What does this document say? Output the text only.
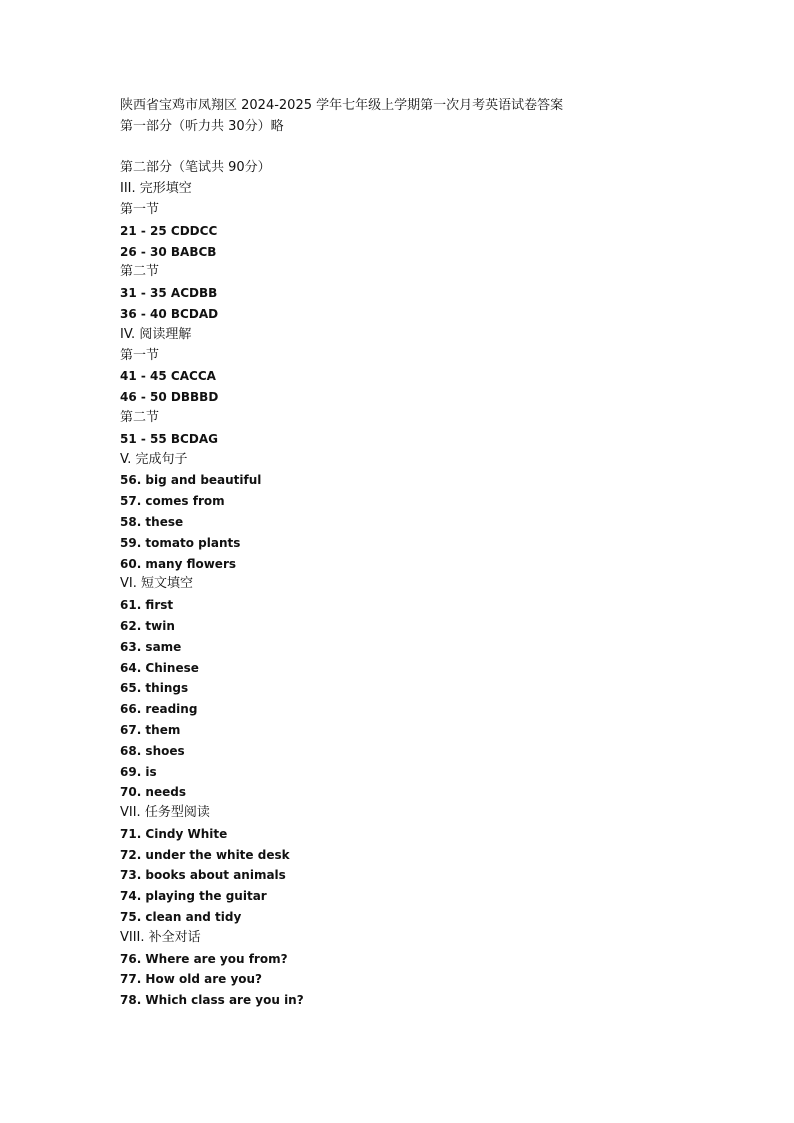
陕西省宝鸡市凤翔区 2024-2025 学年七年级上学期第一次月考英语试卷答案
第一部分（听力共 30分）略
第二部分（笔试共 90分）
III. 完形填空
第一节
21 - 25 CDDCC
26 - 30 BABCB
第二节
31 - 35 ACDBB
36 - 40 BCDAD
IV. 阅读理解
第一节
41 - 45 CACCA
46 - 50 DBBBD
第二节
51 - 55 BCDAG
V. 完成句子
56. big and beautiful
57. comes from
58. these
59. tomato plants
60. many flowers
VI. 短文填空
61. first
62. twin
63. same
64. Chinese
65. things
66. reading
67. them
68. shoes
69. is
70. needs
VII. 任务型阅读
71. Cindy White
72. under the white desk
73. books about animals
74. playing the guitar
75. clean and tidy
VIII. 补全对话
76. Where are you from?
77. How old are you?
78. Which class are you in?
